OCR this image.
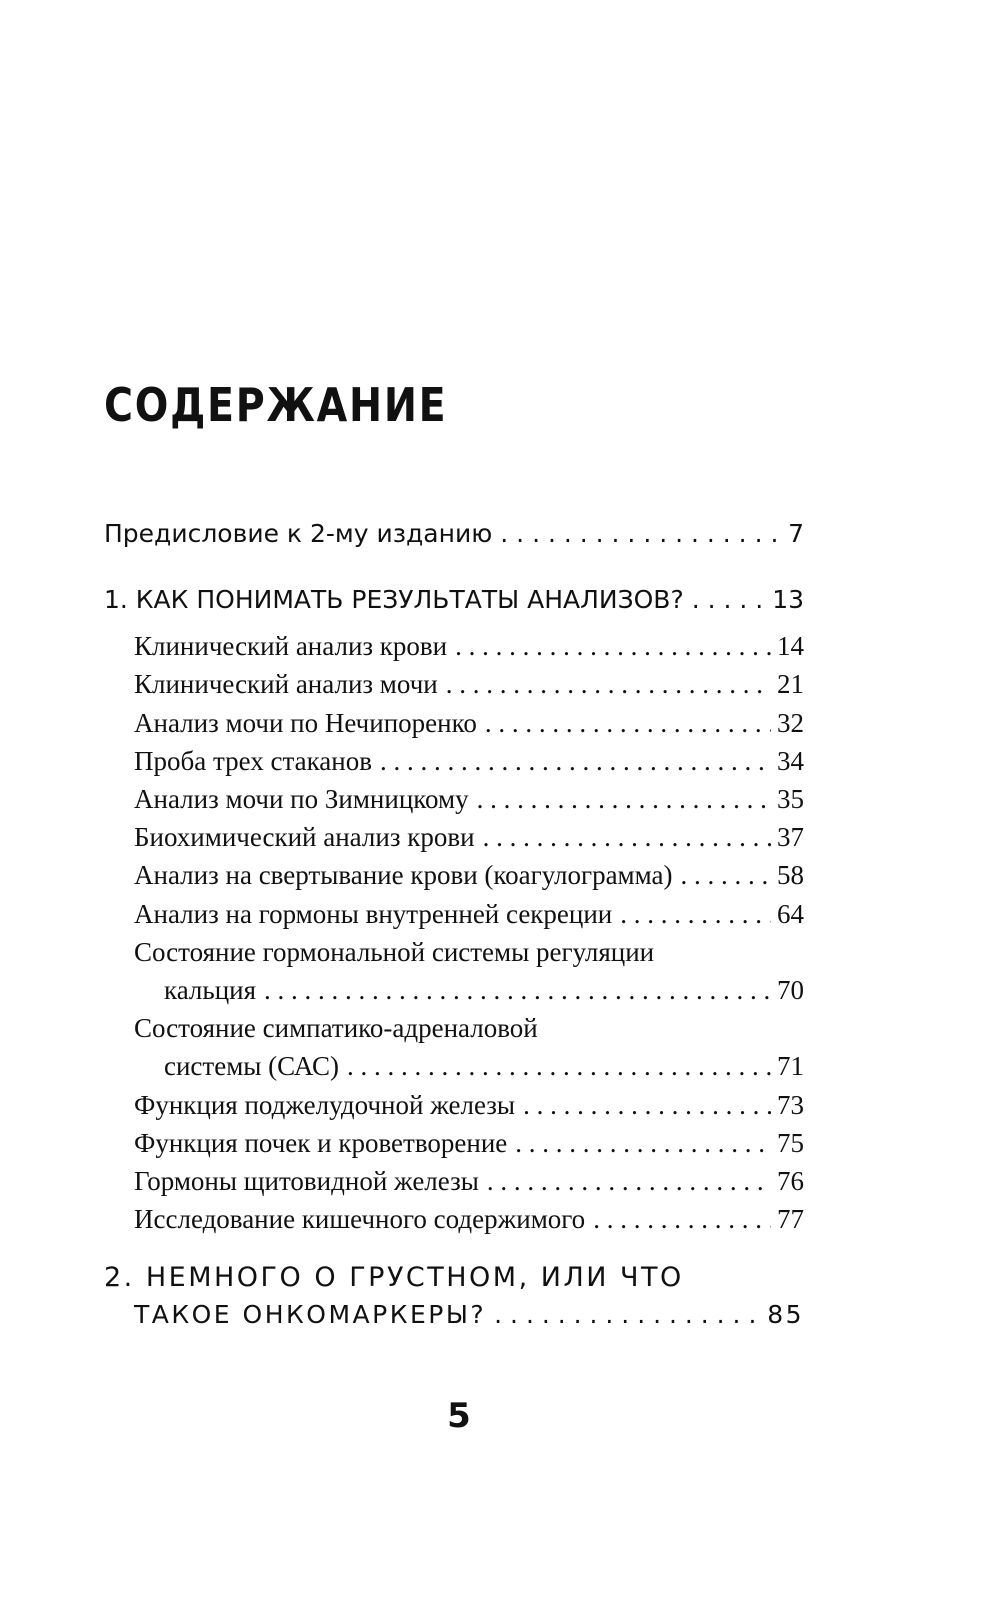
СОДЕРЖАНИЕ
Предисловие к 2-му изданию . . .	7
1. КАК ПОНИМАТЬ РЕЗУЛЬТАТЫ АНАЛИЗОВ? . . .	13
Клинический анализ крови . . .	14
Клинический анализ мочи . . .	21
Анализ мочи по Нечипоренко . . .	32
Проба трех стаканов . . .	34
Анализ мочи по Зимницкому . . .	35
Биохимический анализ крови . . .	37
Анализ на свертывание крови (коагулограмма) . . .	58
Анализ на гормоны внутренней секреции . . .	64
Состояние гормональной системы регуляции
кальция . . .	70
Состояние симпатико-адреналовой
системы (САС) . . .	71
Функция поджелудочной железы . . .	73
Функция почек и кроветворение . . .	75
Гормоны щитовидной железы . . .	76
Исследование кишечного содержимого . . .	77
2. НЕМНОГО О ГРУСТНОМ, ИЛИ ЧТО
ТАКОЕ ОНКОМАРКЕРЫ? . . .	85
5
